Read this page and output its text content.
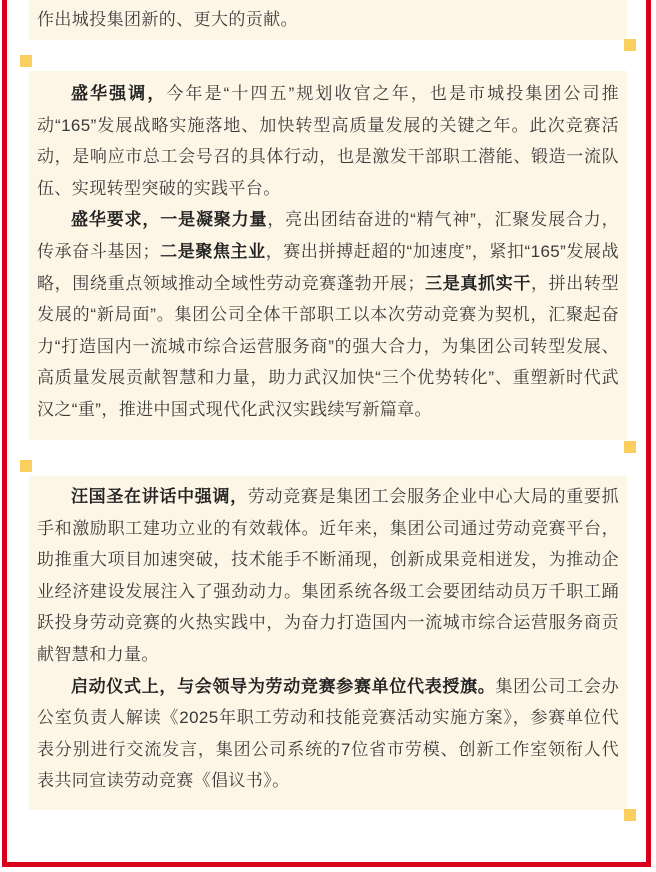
作出城投集团新的、更大的贡献。

盛华强调，今年是“十四五”规划收官之年，也是市城投集团公司推动“165”发展战略实施落地、加快转型高质量发展的关键之年。此次竞赛活动，是响应市总工会号召的具体行动，也是激发干部职工潜能、锻造一流队伍、实现转型突破的实践平台。

盛华要求，一是凝聚力量，亮出团结奋进的“精气神”，汇聚发展合力，传承奋斗基因；二是聚焦主业，赛出拼搏赶超的“加速度”，紧扣“165”发展战略，围绕重点领域推动全域性劳动竞赛蓬勃开展；三是真抓实干，拼出转型发展的“新局面”。集团公司全体干部职工以本次劳动竞赛为契机，汇聚起奋力“打造国内一流城市综合运营服务商”的强大合力，为集团公司转型发展、高质量发展贡献智慧和力量，助力武汉加快“三个优势转化”、重塑新时代武汉之“重”，推进中国式现代化武汉实践续写新篇章。

汪国圣在讲话中强调，劳动竞赛是集团工会服务企业中心大局的重要抓手和激励职工建功立业的有效载体。近年来，集团公司通过劳动竞赛平台，助推重大项目加速突破，技术能手不断涌现，创新成果竞相迸发，为推动企业经济建设发展注入了强劲动力。集团系统各级工会要团结动员万千职工踊跃投身劳动竞赛的火热实践中，为奋力打造国内一流城市综合运营服务商贡献智慧和力量。

启动仪式上，与会领导为劳动竞赛参赛单位代表授旗。集团公司工会办公室负责人解读《2025年职工劳动和技能竞赛活动实施方案》，参赛单位代表分别进行交流发言，集团公司系统的7位省市劳模、创新工作室领衔人代表共同宣读劳动竞赛《倡议书》。
